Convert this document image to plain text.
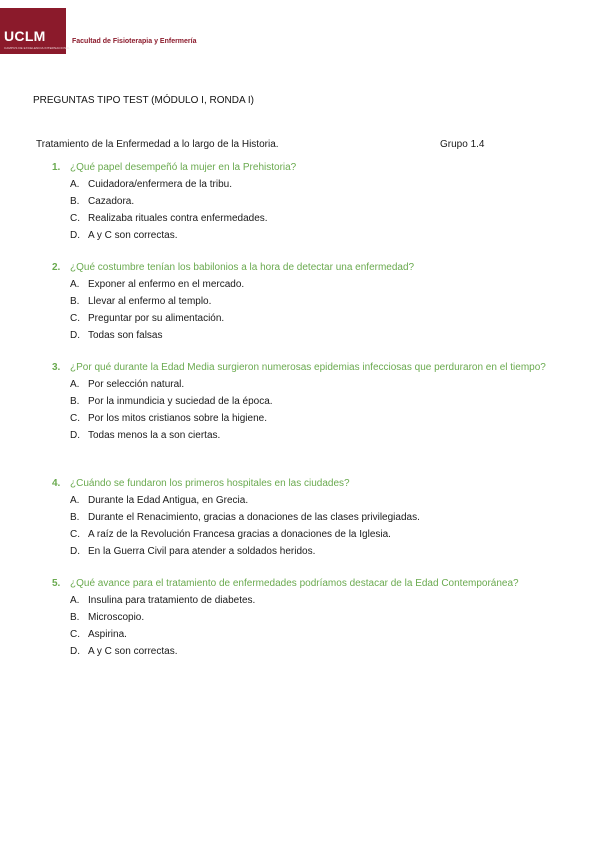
UCLM
CAMPUS DE EXCELENCIA INTERNACIONAL
Facultad de Fisioterapia y Enfermería
PREGUNTAS TIPO TEST (MÓDULO I, RONDA I)
Tratamiento de la Enfermedad a lo largo de la Historia.	Grupo 1.4
1. ¿Qué papel desempeñó la mujer en la Prehistoria?
A. Cuidadora/enfermera de la tribu.
B. Cazadora.
C. Realizaba rituales contra enfermedades.
D. A y C son correctas.
2. ¿Qué costumbre tenían los babilonios a la hora de detectar una enfermedad?
A. Exponer al enfermo en el mercado.
B. Llevar al enfermo al templo.
C. Preguntar por su alimentación.
D. Todas son falsas
3. ¿Por qué durante la Edad Media surgieron numerosas epidemias infecciosas que perduraron en el tiempo?
A. Por selección natural.
B. Por la inmundicia y suciedad de la época.
C. Por los mitos cristianos sobre la higiene.
D. Todas menos la a son ciertas.
4. ¿Cuándo se fundaron los primeros hospitales en las ciudades?
A. Durante la Edad Antigua, en Grecia.
B. Durante el Renacimiento, gracias a donaciones de las clases privilegiadas.
C. A raíz de la Revolución Francesa gracias a donaciones de la Iglesia.
D. En la Guerra Civil para atender a soldados heridos.
5. ¿Qué avance para el tratamiento de enfermedades podríamos destacar de la Edad Contemporánea?
A. Insulina para tratamiento de diabetes.
B. Microscopio.
C. Aspirina.
D. A y C son correctas.
